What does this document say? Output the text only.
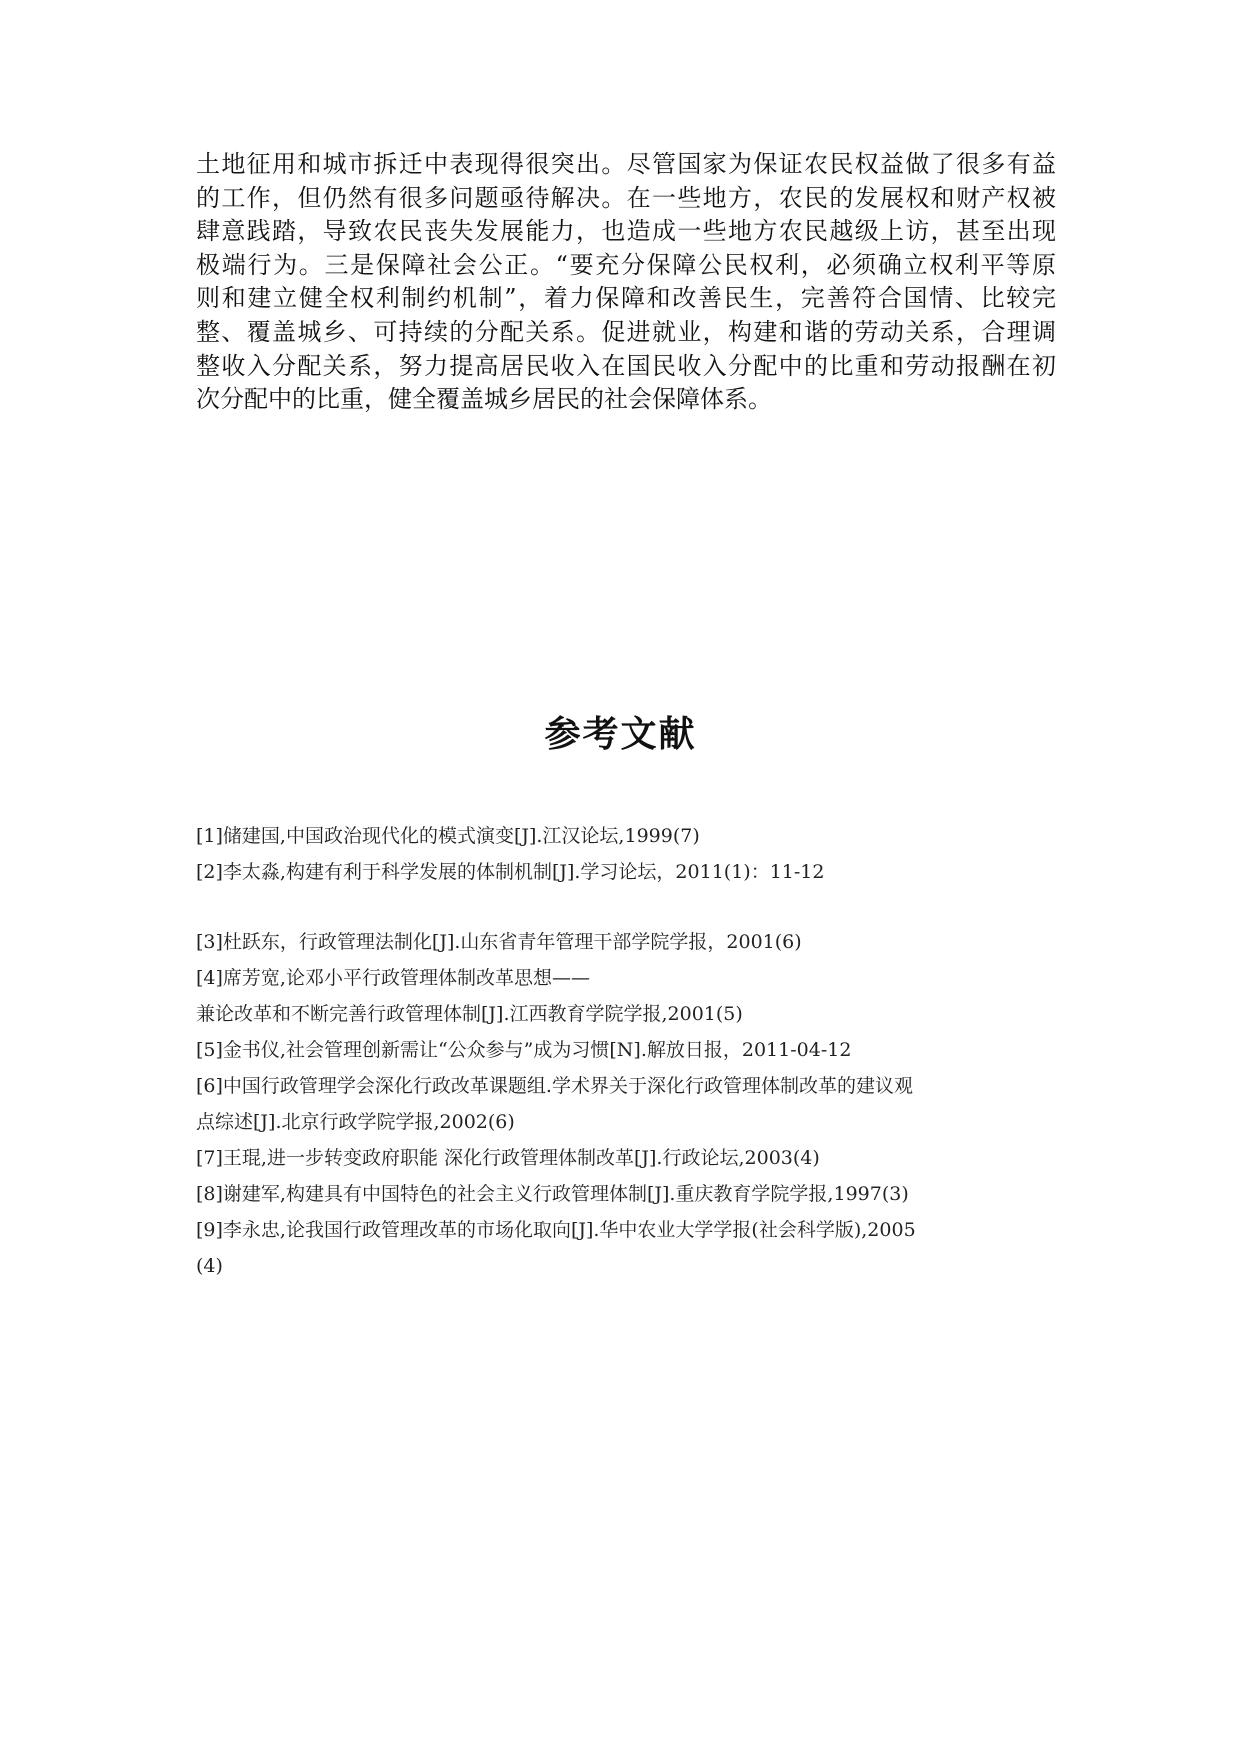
土地征用和城市拆迁中表现得很突出。尽管国家为保证农民权益做了很多有益
的工作，但仍然有很多问题亟待解决。在一些地方，农民的发展权和财产权被
肆意践踏，导致农民丧失发展能力，也造成一些地方农民越级上访，甚至出现
极端行为。三是保障社会公正。“要充分保障公民权利，必须确立权利平等原
则和建立健全权利制约机制”，着力保障和改善民生，完善符合国情、比较完
整、覆盖城乡、可持续的分配关系。促进就业，构建和谐的劳动关系，合理调
整收入分配关系，努力提高居民收入在国民收入分配中的比重和劳动报酬在初
次分配中的比重，健全覆盖城乡居民的社会保障体系。
参考文献
[1]储建国,中国政治现代化的模式演变[J].江汉论坛,1999(7)
[2]李太淼,构建有利于科学发展的体制机制[J].学习论坛，2011(1)：11-12
[3]杜跃东，行政管理法制化[J].山东省青年管理干部学院学报，2001(6)
[4]席芳宽,论邓小平行政管理体制改革思想——
兼论改革和不断完善行政管理体制[J].江西教育学院学报,2001(5)
[5]金书仪,社会管理创新需让“公众参与”成为习惯[N].解放日报，2011-04-12
[6]中国行政管理学会深化行政改革课题组.学术界关于深化行政管理体制改革的建议观
点综述[J].北京行政学院学报,2002(6)
[7]王琨,进一步转变政府职能 深化行政管理体制改革[J].行政论坛,2003(4)
[8]谢建军,构建具有中国特色的社会主义行政管理体制[J].重庆教育学院学报,1997(3)
[9]李永忠,论我国行政管理改革的市场化取向[J].华中农业大学学报(社会科学版),2005
(4)
